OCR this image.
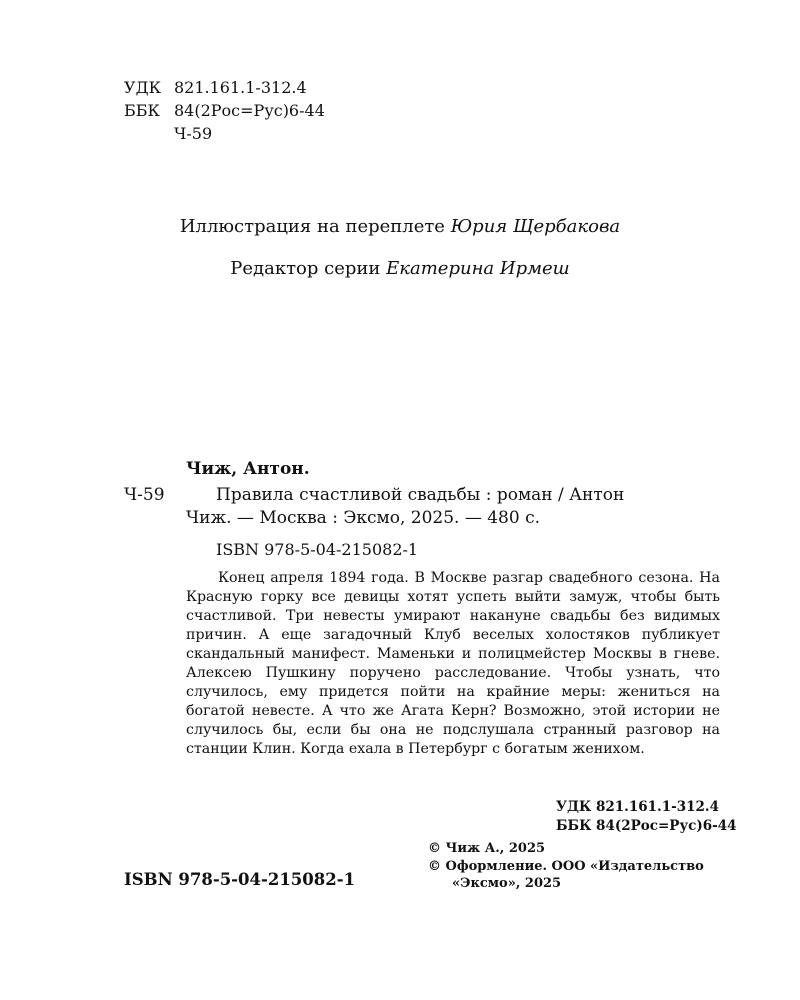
УДК 821.161.1-312.4
ББК 84(2Рос=Рус)6-44
Ч-59
Иллюстрация на переплете Юрия Щербакова
Редактор серии Екатерина Ирмеш
Чиж, Антон.
Ч-59	Правила счастливой свадьбы : роман / Антон
Чиж. — Москва : Эксмо, 2025. — 480 с.
ISBN 978-5-04-215082-1
Конец апреля 1894 года. В Москве разгар свадебного сезона. На Красную горку все девицы хотят успеть выйти замуж, чтобы быть счастливой. Три невесты умирают накануне свадьбы без видимых причин. А еще загадочный Клуб веселых холостяков публикует скандальный манифест. Маменьки и полицмейстер Москвы в гневе. Алексею Пушкину поручено расследование. Чтобы узнать, что случилось, ему придется пойти на крайние меры: жениться на богатой невесте. А что же Агата Керн? Возможно, этой истории не случилось бы, если бы она не подслушала странный разговор на станции Клин. Когда ехала в Петербург с богатым женихом.
УДК 821.161.1-312.4
ББК 84(2Рос=Рус)6-44
ISBN 978-5-04-215082-1
© Чиж А., 2025
© Оформление. ООО «Издательство
«Эксмо», 2025
